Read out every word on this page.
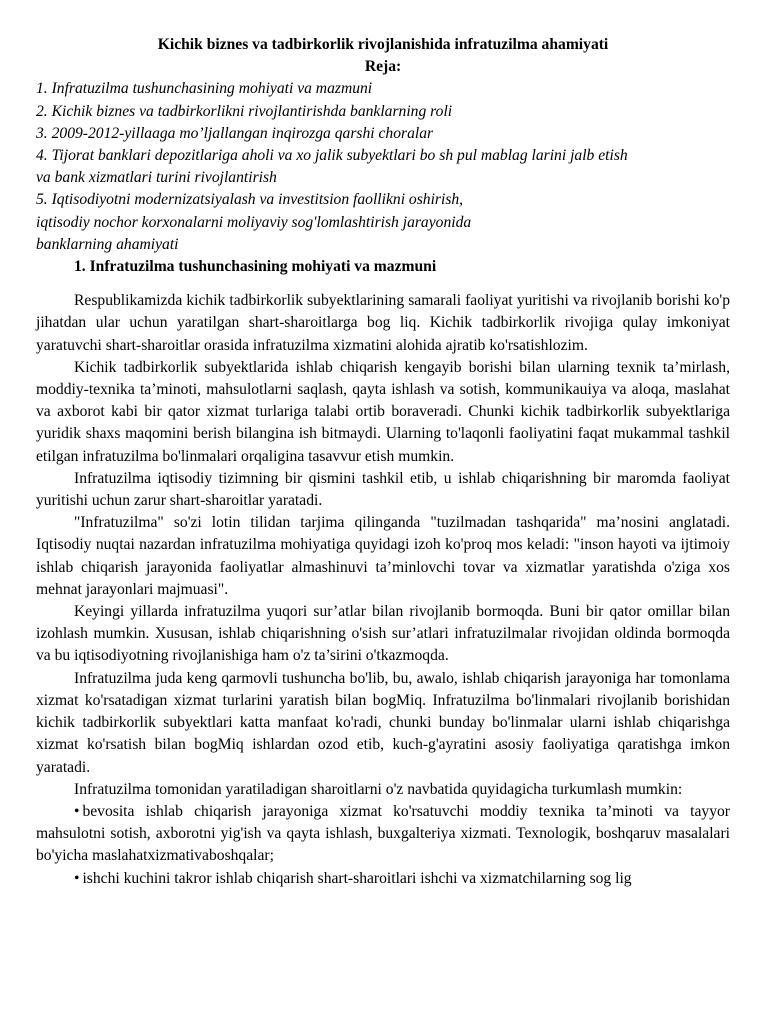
Kichik biznes va tadbirkorlik rivojlanishida infratuzilma ahamiyati

Reja:

1. Infratuzilma tushunchasining mohiyati va mazmuni

2. Kichik biznes va tadbirkorlikni rivojlantirishda banklarning roli

3. 2009-2012-yillaaga mo’ljallangan inqirozga qarshi choralar

4. Tijorat banklari depozitlariga aholi va xo jalik subyektlari bo sh pul mablag larini jalb etish

va bank xizmatlari turini rivojlantirish

5. Iqtisodiyotni modernizatsiyalash va investitsion faollikni oshirish,

iqtisodiy nochor korxonalarni moliyaviy sog'lomlashtirish jarayonida

banklarning ahamiyati

1. Infratuzilma tushunchasining mohiyati va mazmuni

Respublikamizda kichik tadbirkorlik subyektlarining samarali faoliyat yuritishi va rivojlanib borishi ko'p jihatdan ular uchun yaratilgan shart-sharoitlarga bog liq. Kichik tadbirkorlik rivojiga qulay imkoniyat yaratuvchi shart-sharoitlar orasida infratuzilma xizmatini alohida ajratib ko'rsatishlozim.

Kichik tadbirkorlik subyektlarida ishlab chiqarish kengayib borishi bilan ularning texnik ta’mirlash, moddiy-texnika ta’minoti, mahsulotlarni saqlash, qayta ishlash va sotish, kommunikauiya va aloqa, maslahat va axborot kabi bir qator xizmat turlariga talabi ortib boraveradi. Chunki kichik tadbirkorlik subyektlariga yuridik shaxs maqomini berish bilangina ish bitmaydi. Ularning to'laqonli faoliyatini faqat mukammal tashkil etilgan infratuzilma bo'linmalari orqaligina tasavvur etish mumkin.

Infratuzilma iqtisodiy tizimning bir qismini tashkil etib, u ishlab chiqarishning bir maromda faoliyat yuritishi uchun zarur shart-sharoitlar yaratadi.

"Infratuzilma" so'zi lotin tilidan tarjima qilinganda "tuzilmadan tashqarida" ma’nosini anglatadi. Iqtisodiy nuqtai nazardan infratuzilma mohiyatiga quyidagi izoh ko'proq mos keladi: "inson hayoti va ijtimoiy ishlab chiqarish jarayonida faoliyatlar almashinuvi ta’minlovchi tovar va xizmatlar yaratishda o'ziga xos mehnat jarayonlari majmuasi".

Keyingi yillarda infratuzilma yuqori sur’atlar bilan rivojlanib bormoqda. Buni bir qator omillar bilan izohlash mumkin. Xususan, ishlab chiqarishning o'sish sur’atlari infratuzilmalar rivojidan oldinda bormoqda va bu iqtisodiyotning rivojlanishiga ham o'z ta’sirini o'tkazmoqda.

Infratuzilma juda keng qarmovli tushuncha bo'lib, bu, awalo, ishlab chiqarish jarayoniga har tomonlama xizmat ko'rsatadigan xizmat turlarini yaratish bilan bogMiq. Infratuzilma bo'linmalari rivojlanib borishidan kichik tadbirkorlik subyektlari katta manfaat ko'radi, chunki bunday bo'linmalar ularni ishlab chiqarishga xizmat ko'rsatish bilan bogMiq ishlardan ozod etib, kuch-g'ayratini asosiy faoliyatiga qaratishga imkon yaratadi.

Infratuzilma tomonidan yaratiladigan sharoitlarni o'z navbatida quyidagicha turkumlash mumkin:

• bevosita ishlab chiqarish jarayoniga xizmat ko'rsatuvchi moddiy texnika ta’minoti va tayyor mahsulotni sotish, axborotni yig'ish va qayta ishlash, buxgalteriya xizmati. Texnologik, boshqaruv masalalari bo'yicha maslahatxizmativaboshqalar;

• ishchi kuchini takror ishlab chiqarish shart-sharoitlari ishchi va xizmatchilarning sog lig
